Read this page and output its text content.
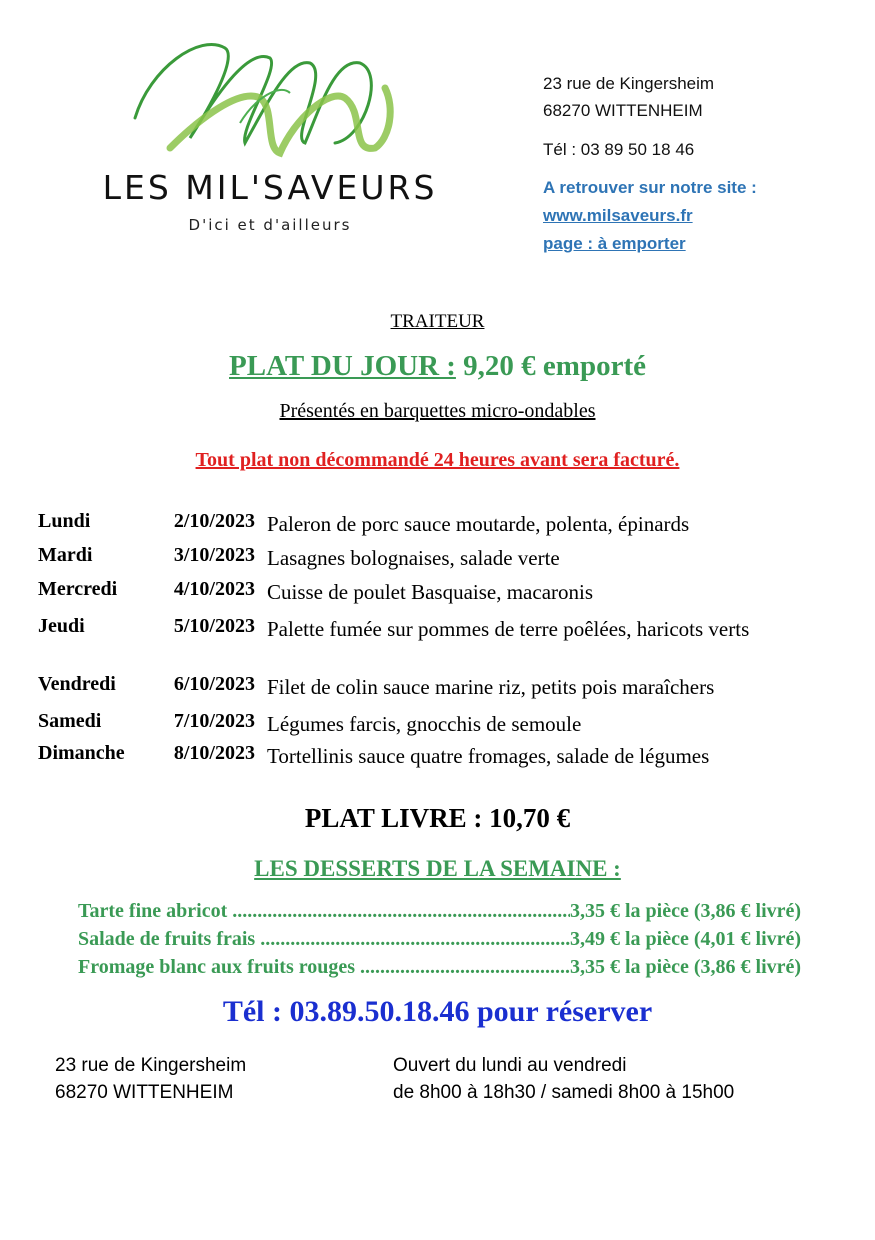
LES MIL'SAVEURS
D'ici et d'ailleurs
23 rue de Kingersheim
68270 WITTENHEIM
Tél : 03 89 50 18 46
A retrouver sur notre site :
www.milsaveurs.fr
page : à emporter
TRAITEUR
PLAT DU JOUR : 9,20 € emporté
Présentés en barquettes micro-ondables
Tout plat non décommandé 24 heures avant sera facturé.
Lundi	2/10/2023 Paleron de porc sauce moutarde, polenta, épinards
Mardi	3/10/2023 Lasagnes bolognaises, salade verte
Mercredi	4/10/2023 Cuisse de poulet Basquaise, macaronis
Jeudi	5/10/2023 Palette fumée sur pommes de terre poêlées, haricots verts
Vendredi	6/10/2023 Filet de colin sauce marine riz, petits pois maraîchers
Samedi	7/10/2023 Légumes farcis, gnocchis de semoule
Dimanche	8/10/2023 Tortellinis sauce quatre fromages, salade de légumes
PLAT LIVRE : 10,70 €
LES DESSERTS DE LA SEMAINE :
Tarte fine abricot .....	3,35 € la pièce (3,86 € livré)
Salade de fruits frais .....	3,49 € la pièce (4,01 € livré)
Fromage blanc aux fruits rouges .....	3,35 € la pièce (3,86 € livré)
Tél : 03.89.50.18.46 pour réserver
23 rue de Kingersheim
68270 WITTENHEIM
Ouvert du lundi au vendredi
de 8h00 à 18h30 / samedi 8h00 à 15h00
